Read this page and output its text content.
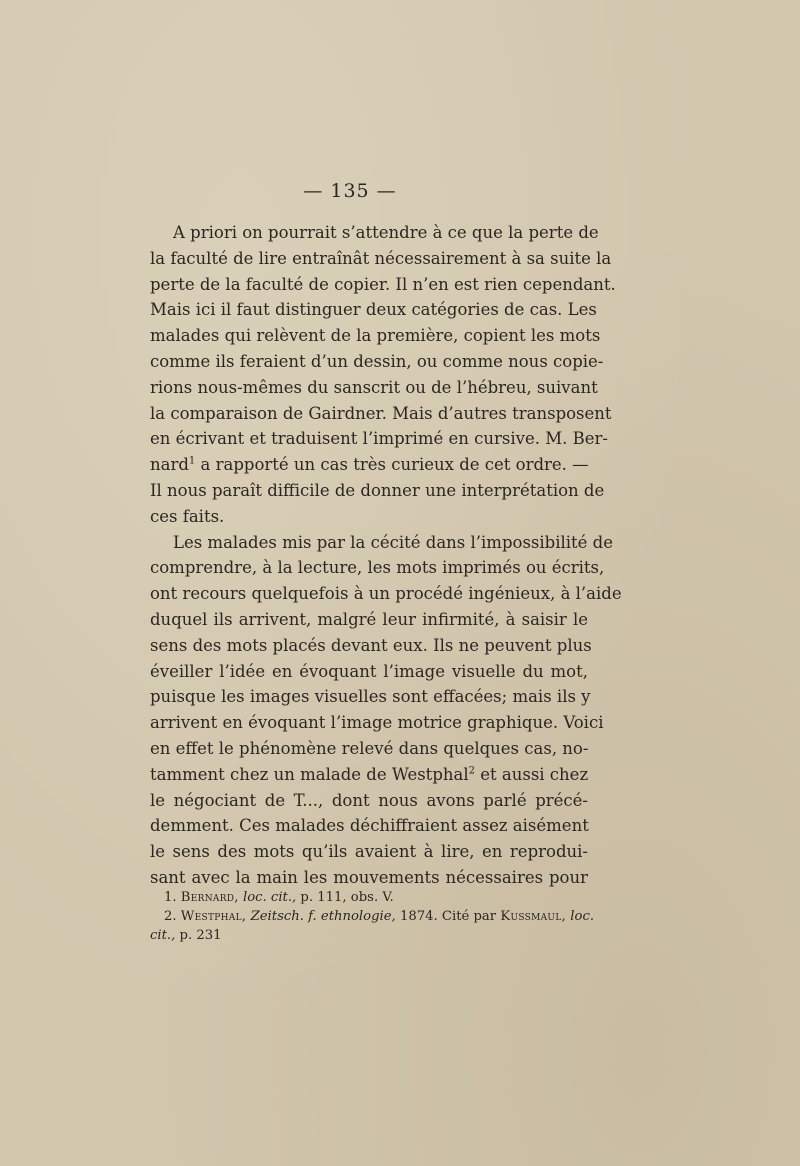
— 135 —
A priori on pourrait s’attendre à ce que la perte de
la faculté de lire entraînât nécessairement à sa suite la
perte de la faculté de copier. Il n’en est rien cependant.
Mais ici il faut distinguer deux catégories de cas. Les
malades qui relèvent de la première, copient les mots
comme ils feraient d’un dessin, ou comme nous copie-
rions nous-mêmes du sanscrit ou de l’hébreu, suivant
la comparaison de Gairdner. Mais d’autres transposent
en écrivant et traduisent l’imprimé en cursive. M. Ber-
nard$^1$ a rapporté un cas très curieux de cet ordre. —
Il nous paraît difficile de donner une interprétation de
ces faits.
Les malades mis par la cécité dans l’impossibilité de
comprendre, à la lecture, les mots imprimés ou écrits,
ont recours quelquefois à un procédé ingénieux, à l’aide
duquel ils arrivent, malgré leur infirmité, à saisir le
sens des mots placés devant eux. Ils ne peuvent plus
éveiller l’idée en évoquant l’image visuelle du mot,
puisque les images visuelles sont effacées; mais ils y
arrivent en évoquant l’image motrice graphique. Voici
en effet le phénomène relevé dans quelques cas, no-
tamment chez un malade de Westphal$^2$ et aussi chez
le négociant de T..., dont nous avons parlé précé-
demment. Ces malades déchiffraient assez aisément
le sens des mots qu’ils avaient à lire, en reprodui-
sant avec la main les mouvements nécessaires pour
1. Bernard, loc. cit., p. 111, obs. V.
2. Westphal, Zeitsch. f. ethnologie, 1874. Cité par Kussmaul, loc.
cit., p. 231
